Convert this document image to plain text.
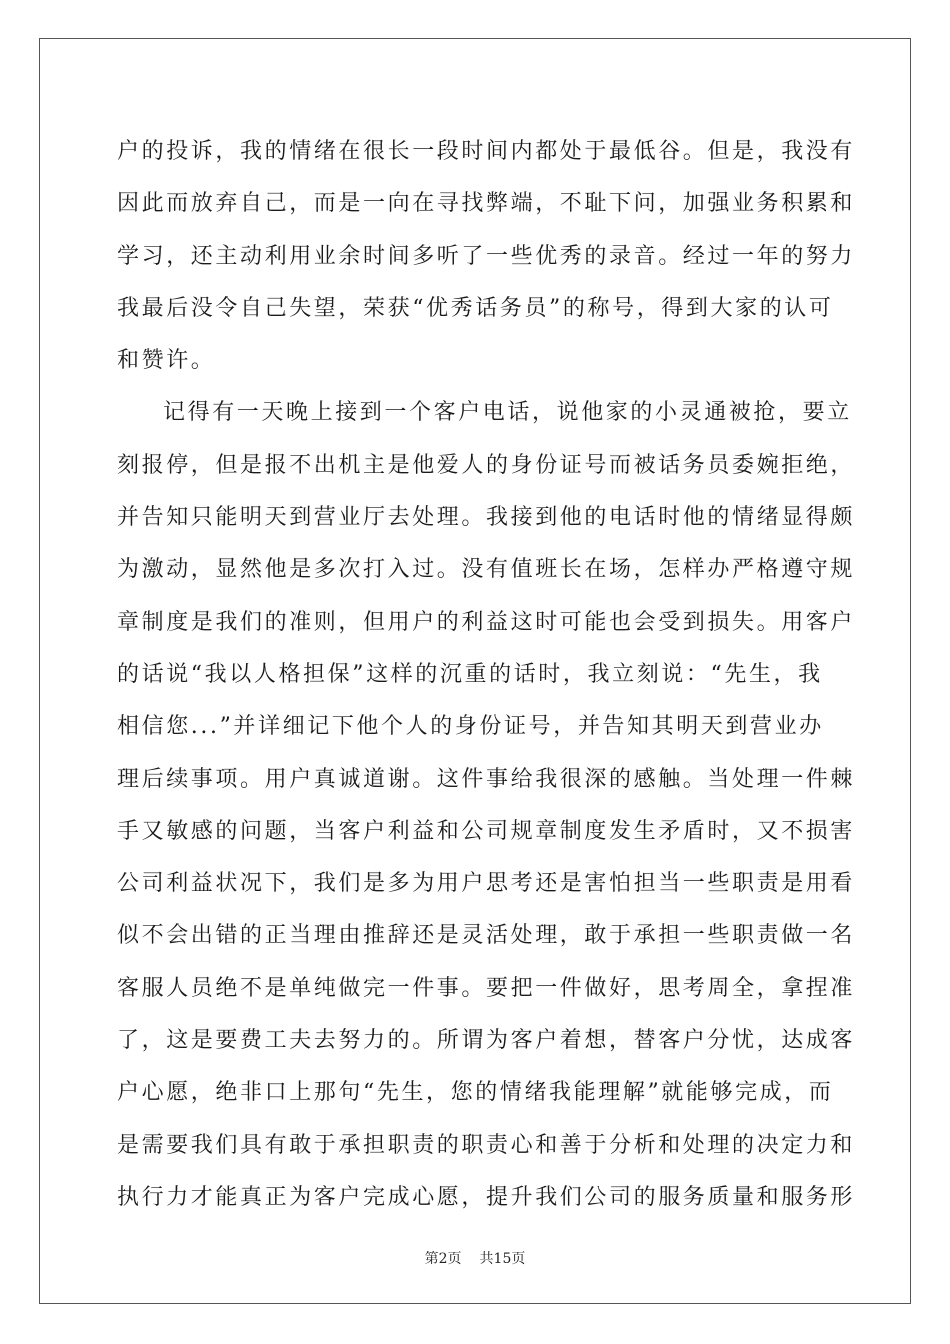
户的投诉，我的情绪在很长一段时间内都处于最低谷。但是，我没有
因此而放弃自己，而是一向在寻找弊端，不耻下问，加强业务积累和
学习，还主动利用业余时间多听了一些优秀的录音。经过一年的努力
我最后没令自己失望，荣获“优秀话务员”的称号，得到大家的认可
和赞许。
记得有一天晚上接到一个客户电话，说他家的小灵通被抢，要立
刻报停，但是报不出机主是他爱人的身份证号而被话务员委婉拒绝，
并告知只能明天到营业厅去处理。我接到他的电话时他的情绪显得颇
为激动，显然他是多次打入过。没有值班长在场，怎样办严格遵守规
章制度是我们的准则，但用户的利益这时可能也会受到损失。用客户
的话说“我以人格担保”这样的沉重的话时，我立刻说：“先生，我
相信您...”并详细记下他个人的身份证号，并告知其明天到营业办
理后续事项。用户真诚道谢。这件事给我很深的感触。当处理一件棘
手又敏感的问题，当客户利益和公司规章制度发生矛盾时，又不损害
公司利益状况下，我们是多为用户思考还是害怕担当一些职责是用看
似不会出错的正当理由推辞还是灵活处理，敢于承担一些职责做一名
客服人员绝不是单纯做完一件事。要把一件做好，思考周全，拿捏准
了，这是要费工夫去努力的。所谓为客户着想，替客户分忧，达成客
户心愿，绝非口上那句“先生，您的情绪我能理解”就能够完成，而
是需要我们具有敢于承担职责的职责心和善于分析和处理的决定力和
执行力才能真正为客户完成心愿，提升我们公司的服务质量和服务形
第2页 共15页
